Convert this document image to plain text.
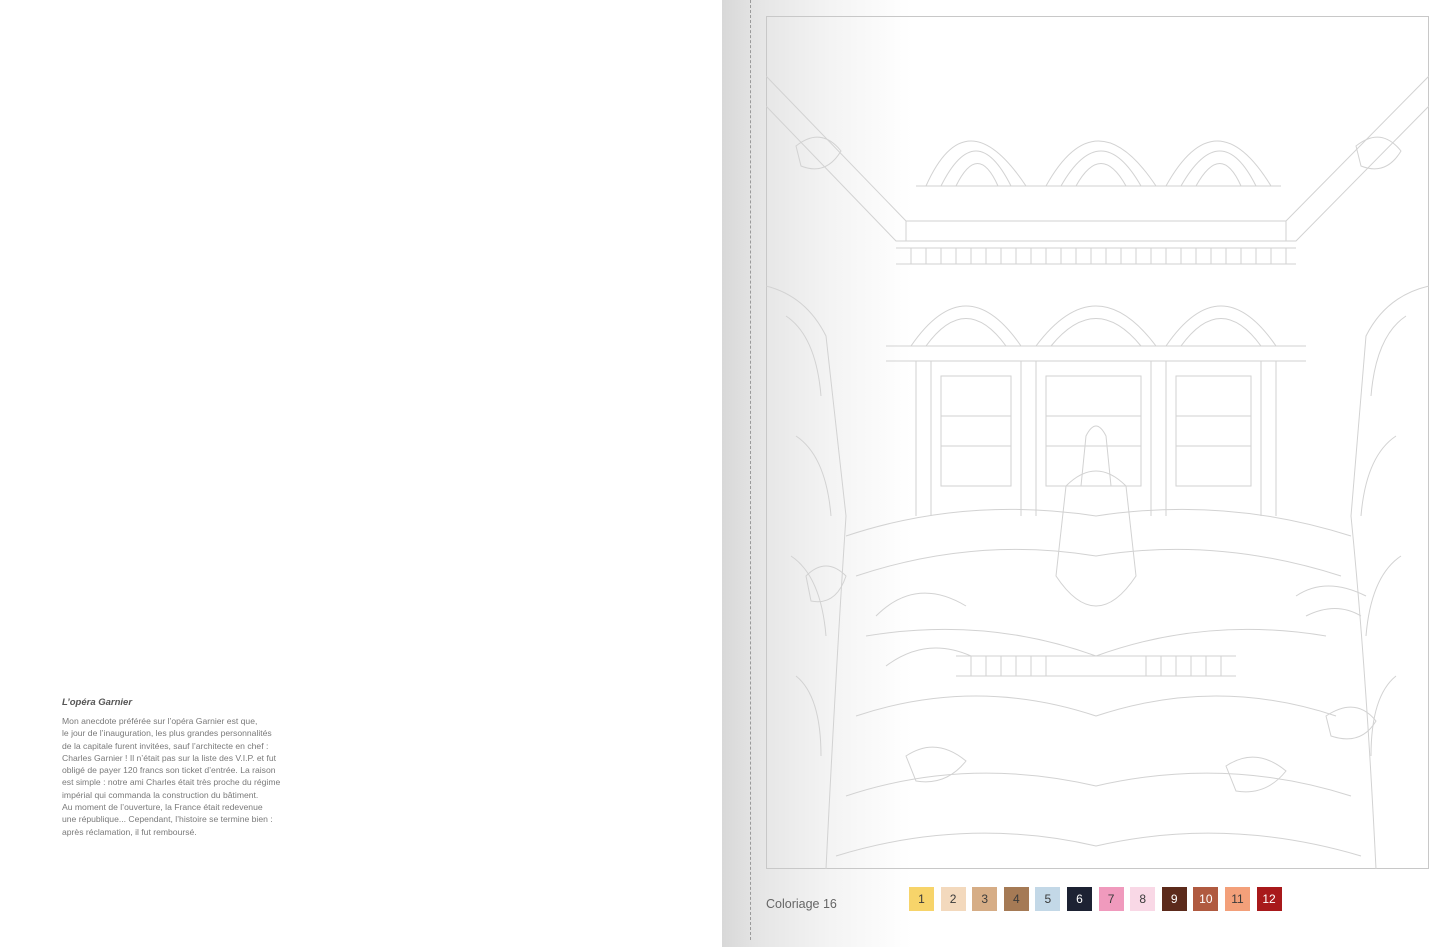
L’opéra Garnier

Mon anecdote préférée sur l’opéra Garnier est que,
le jour de l’inauguration, les plus grandes personnalités
de la capitale furent invitées, sauf l’architecte en chef :
Charles Garnier ! Il n’était pas sur la liste des V.I.P. et fut
obligé de payer 120 francs son ticket d’entrée. La raison
est simple : notre ami Charles était très proche du régime
impérial qui commanda la construction du bâtiment.
Au moment de l’ouverture, la France était redevenue
une république... Cependant, l’histoire se termine bien :
après réclamation, il fut remboursé.

Coloriage 16	1	2	3	4	5	6	7	8	9	10	11	12
